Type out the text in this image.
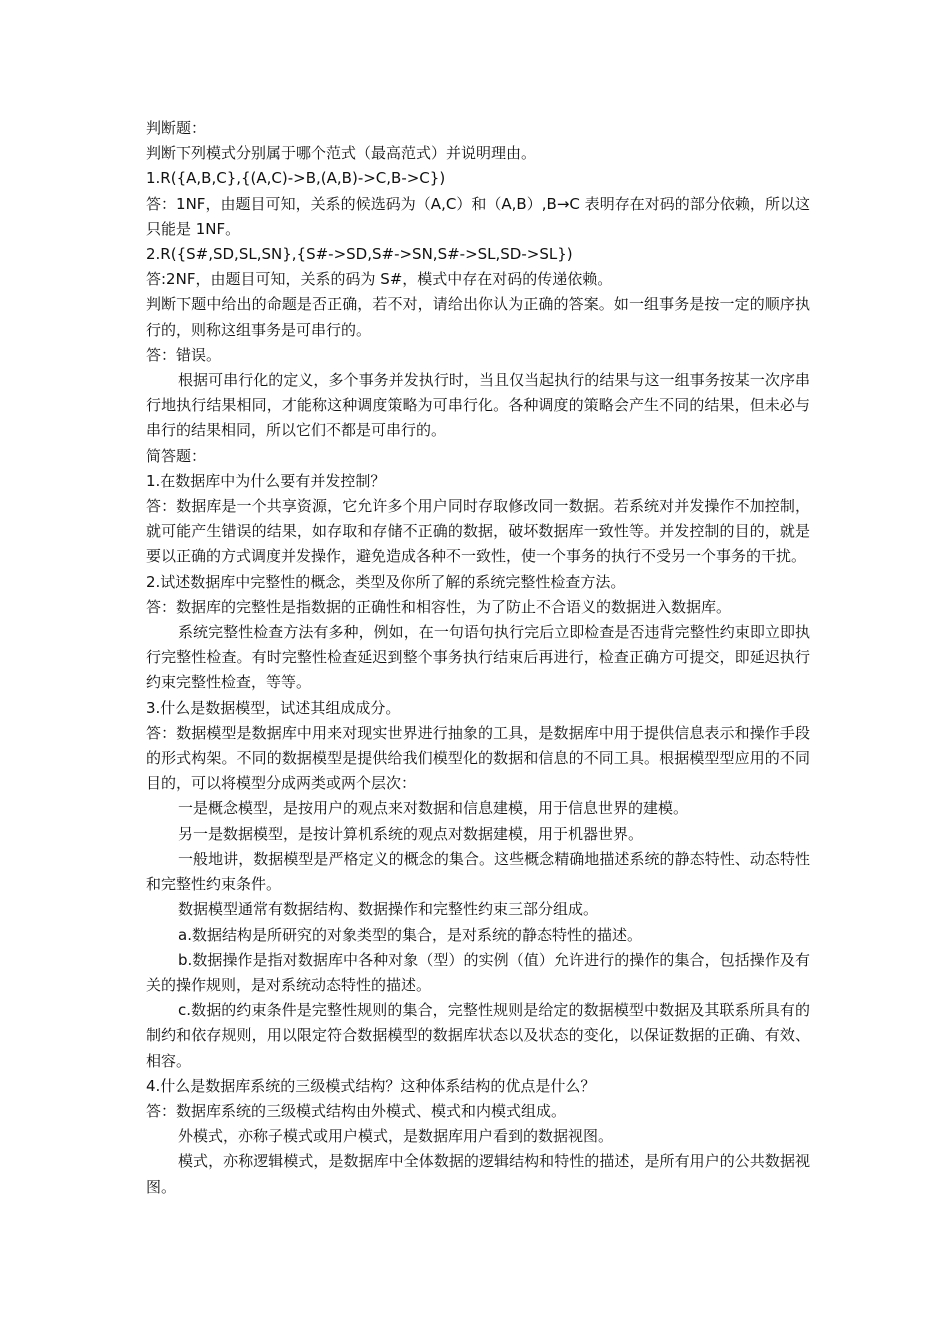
判断题：

判断下列模式分别属于哪个范式（最高范式）并说明理由。

1.R({A,B,C},{(A,C)->B,(A,B)->C,B->C})

答：1NF，由题目可知，关系的候选码为（A,C）和（A,B）,B→C 表明存在对码的部分依赖，所以这只能是 1NF。

2.R({S#,SD,SL,SN},{S#->SD,S#->SN,S#->SL,SD->SL})

答:2NF，由题目可知，关系的码为 S#，模式中存在对码的传递依赖。

判断下题中给出的命题是否正确，若不对，请给出你认为正确的答案。如一组事务是按一定的顺序执行的，则称这组事务是可串行的。

答：错误。

根据可串行化的定义，多个事务并发执行时，当且仅当起执行的结果与这一组事务按某一次序串行地执行结果相同，才能称这种调度策略为可串行化。各种调度的策略会产生不同的结果，但未必与串行的结果相同，所以它们不都是可串行的。

简答题：

1.在数据库中为什么要有并发控制？

答：数据库是一个共享资源，它允许多个用户同时存取修改同一数据。若系统对并发操作不加控制，就可能产生错误的结果，如存取和存储不正确的数据，破坏数据库一致性等。并发控制的目的，就是要以正确的方式调度并发操作，避免造成各种不一致性，使一个事务的执行不受另一个事务的干扰。

2.试述数据库中完整性的概念，类型及你所了解的系统完整性检查方法。

答：数据库的完整性是指数据的正确性和相容性，为了防止不合语义的数据进入数据库。

系统完整性检查方法有多种，例如，在一句语句执行完后立即检查是否违背完整性约束即立即执行完整性检查。有时完整性检查延迟到整个事务执行结束后再进行，检查正确方可提交，即延迟执行约束完整性检查，等等。

3.什么是数据模型，试述其组成成分。

答：数据模型是数据库中用来对现实世界进行抽象的工具，是数据库中用于提供信息表示和操作手段的形式构架。不同的数据模型是提供给我们模型化的数据和信息的不同工具。根据模型型应用的不同目的，可以将模型分成两类或两个层次：

一是概念模型，是按用户的观点来对数据和信息建模，用于信息世界的建模。

另一是数据模型，是按计算机系统的观点对数据建模，用于机器世界。

一般地讲，数据模型是严格定义的概念的集合。这些概念精确地描述系统的静态特性、动态特性和完整性约束条件。

数据模型通常有数据结构、数据操作和完整性约束三部分组成。

a.数据结构是所研究的对象类型的集合，是对系统的静态特性的描述。

b.数据操作是指对数据库中各种对象（型）的实例（值）允许进行的操作的集合，包括操作及有关的操作规则，是对系统动态特性的描述。

c.数据的约束条件是完整性规则的集合，完整性规则是给定的数据模型中数据及其联系所具有的制约和依存规则，用以限定符合数据模型的数据库状态以及状态的变化，以保证数据的正确、有效、相容。

4.什么是数据库系统的三级模式结构？这种体系结构的优点是什么？

答：数据库系统的三级模式结构由外模式、模式和内模式组成。

外模式，亦称子模式或用户模式，是数据库用户看到的数据视图。

模式，亦称逻辑模式，是数据库中全体数据的逻辑结构和特性的描述，是所有用户的公共数据视图。
